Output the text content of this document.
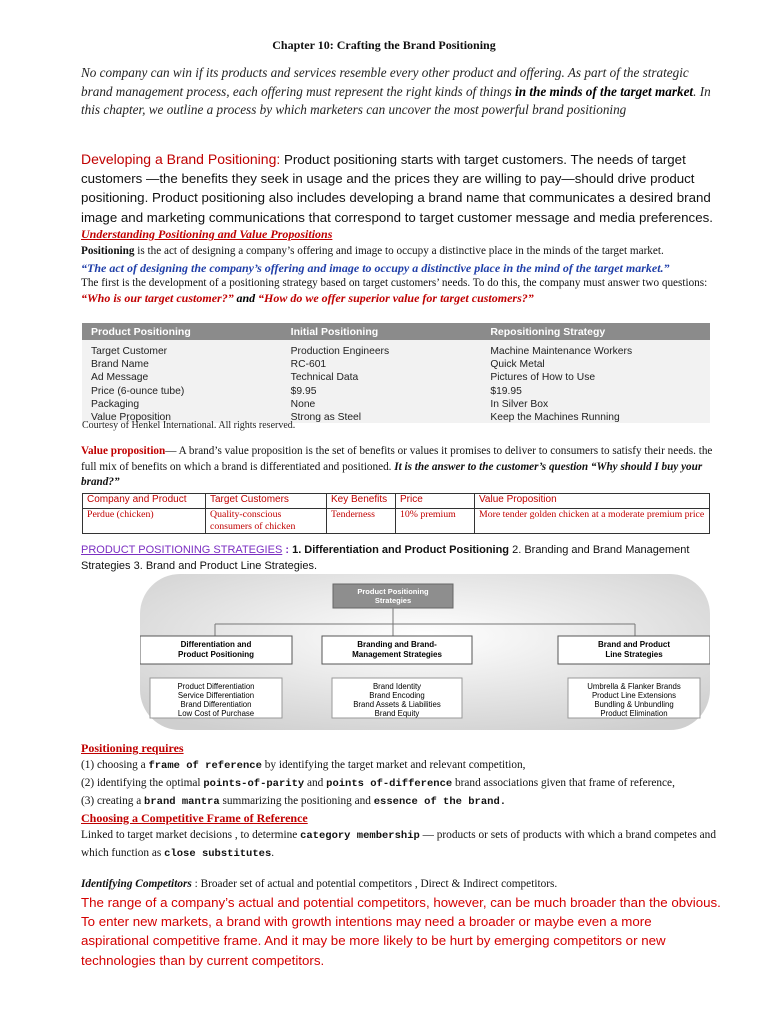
Chapter 10: Crafting the Brand Positioning
No company can win if its products and services resemble every other product and offering. As part of the strategic brand management process, each offering must represent the right kinds of things in the minds of the target market. In this chapter, we outline a process by which marketers can uncover the most powerful brand positioning
Developing a Brand Positioning: Product positioning starts with target customers. The needs of target customers —the benefits they seek in usage and the prices they are willing to pay—should drive product positioning. Product positioning also includes developing a brand name that communicates a desired brand image and marketing communications that correspond to target customer message and media preferences.
Understanding Positioning and Value Propositions
Positioning is the act of designing a company’s offering and image to occupy a distinctive place in the minds of the target market.
“The act of designing the company’s offering and image to occupy a distinctive place in the mind of the target market.”
The first is the development of a positioning strategy based on target customers’ needs. To do this, the company must answer two questions: “Who is our target customer?” and “How do we offer superior value for target customers?”
Product Positioning	Initial Positioning	Repositioning Strategy
Target Customer	Production Engineers	Machine Maintenance Workers
Brand Name	RC-601	Quick Metal
Ad Message	Technical Data	Pictures of How to Use
Price (6-ounce tube)	$9.95	$19.95
Packaging	None	In Silver Box
Value Proposition	Strong as Steel	Keep the Machines Running
Courtesy of Henkel International. All rights reserved.
Value proposition— A brand’s value proposition is the set of benefits or values it promises to deliver to consumers to satisfy their needs. the full mix of benefits on which a brand is differentiated and positioned. It is the answer to the customer’s question “Why should I buy your brand?”
Company and Product	Target Customers	Key Benefits	Price	Value Proposition
Perdue (chicken)	Quality-conscious consumers of chicken	Tenderness	10% premium	More tender golden chicken at a moderate premium price
PRODUCT POSITIONING STRATEGIES : 1. Differentiation and Product Positioning 2. Branding and Brand Management Strategies 3. Brand and Product Line Strategies.
Product Positioning
Strategies
Differentiation and
Product Positioning
Product Differentiation
Service Differentiation
Brand Differentiation
Low Cost of Purchase
Branding and Brand-
Management Strategies
Brand Identity
Brand Encoding
Brand Assets & Liabilities
Brand Equity
Brand and Product
Line Strategies
Umbrella & Flanker Brands
Product Line Extensions
Bundling & Unbundling
Product Elimination
Positioning requires
(1) choosing a frame of reference by identifying the target market and relevant competition,
(2) identifying the optimal points-of-parity and points of-difference brand associations given that frame of reference,
(3) creating a brand mantra summarizing the positioning and essence of the brand.
Choosing a Competitive Frame of Reference
Linked to target market decisions , to determine category membership — products or sets of products with which a brand competes and which function as close substitutes.
Identifying Competitors : Broader set of actual and potential competitors , Direct & Indirect competitors.
The range of a company’s actual and potential competitors, however, can be much broader than the obvious. To enter new markets, a brand with growth intentions may need a broader or maybe even a more aspirational competitive frame. And it may be more likely to be hurt by emerging competitors or new technologies than by current competitors.
